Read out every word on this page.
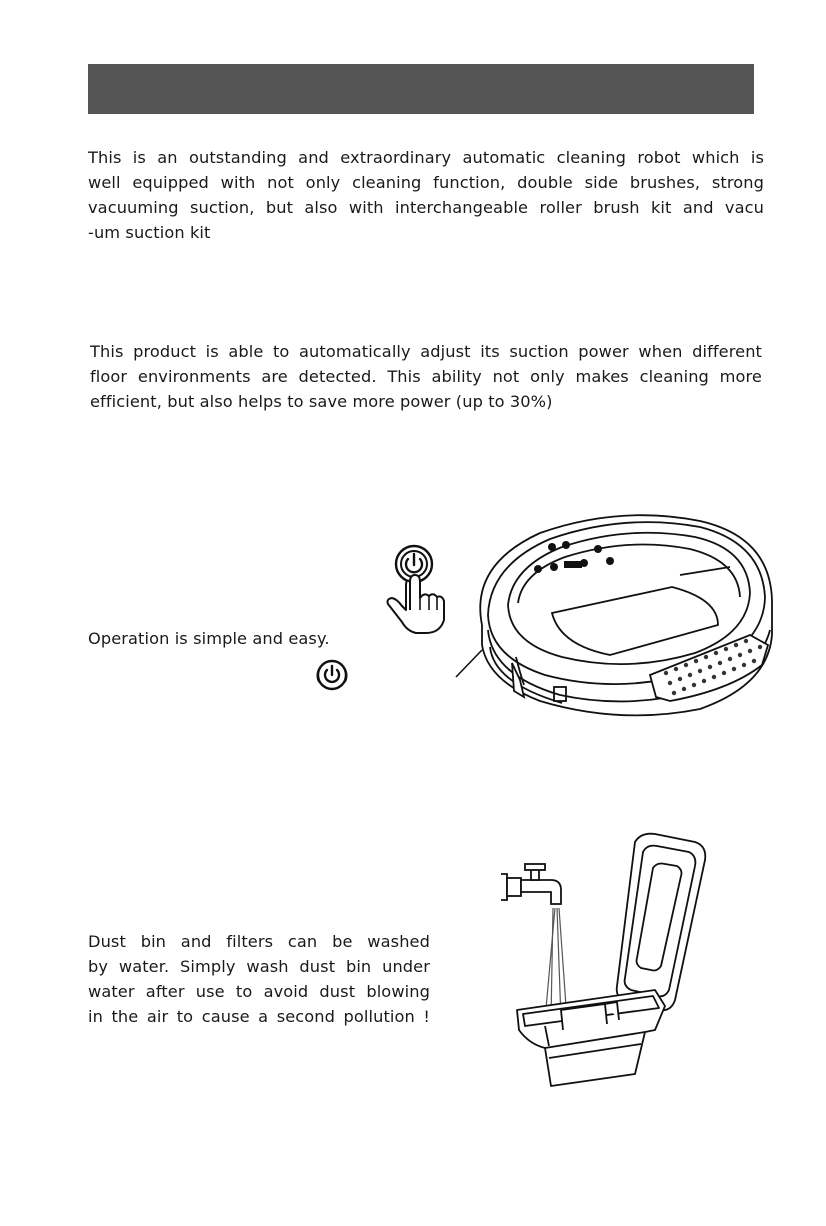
This is an outstanding and extraordinary automatic cleaning robot which is
well equipped with not only cleaning function, double side brushes, strong
vacuuming suction, but also with interchangeable roller brush kit and vacu
-um suction kit

This product is able to automatically adjust its suction power when different
floor environments are detected. This ability not only makes cleaning more
efficient, but also helps to save more power (up to 30%)

Operation is simple and easy.

Dust bin and filters can be washed
by water. Simply wash dust bin under
water after use to avoid dust blowing
in the air to cause a second pollution !
